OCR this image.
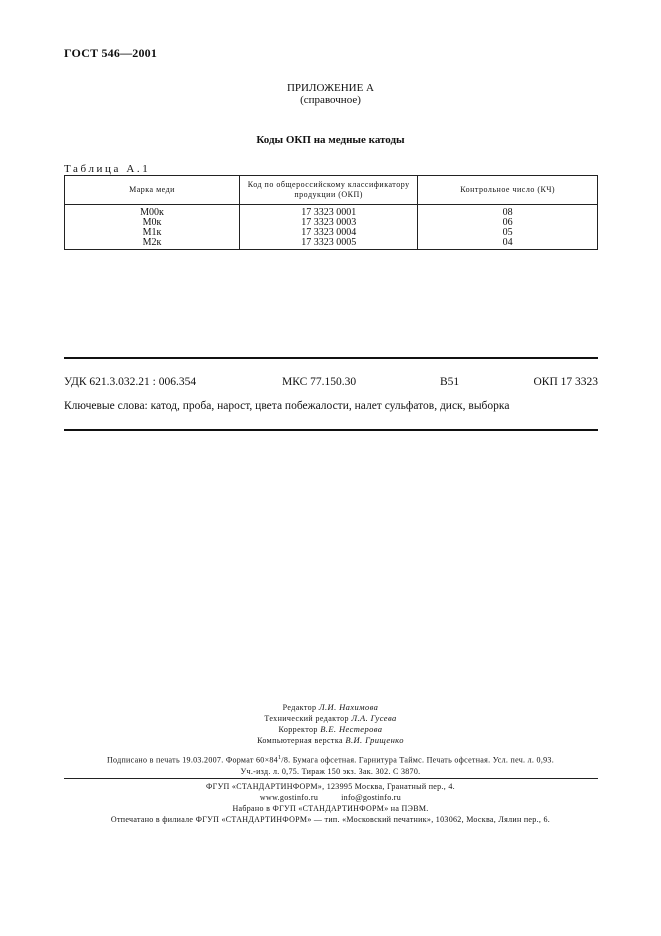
ГОСТ 546—2001
ПРИЛОЖЕНИЕ А
(справочное)
Коды ОКП на медные катоды
Таблица А.1
Марка меди	Код по общероссийскому классификатору продукции (ОКП)	Контрольное число (КЧ)
М00к	17 3323 0001	08
М0к	17 3323 0003	06
М1к	17 3323 0004	05
М2к	17 3323 0005	04
УДК 621.3.032.21 : 006.354	МКС 77.150.30	В51	ОКП 17 3323
Ключевые слова: катод, проба, нарост, цвета побежалости, налет сульфатов, диск, выборка
Редактор Л.И. Нахимова
Технический редактор Л.А. Гусева
Корректор В.Е. Нестерова
Компьютерная верстка В.И. Грищенко
Подписано в печать 19.03.2007. Формат $60\times 84^1/8$. Бумага офсетная. Гарнитура Таймс. Печать офсетная. Усл. печ. л. 0,93.
Уч.-изд. л. 0,75. Тираж 150 экз. Зак. 302. С 3870.
ФГУП «СТАНДАРТИНФОРМ», 123995 Москва, Гранатный пер., 4.
www.gostinfo.ru	info@gostinfo.ru
Набрано в ФГУП «СТАНДАРТИНФОРМ» на ПЭВМ.
Отпечатано в филиале ФГУП «СТАНДАРТИНФОРМ» — тип. «Московский печатник», 103062, Москва, Лялин пер., 6.
